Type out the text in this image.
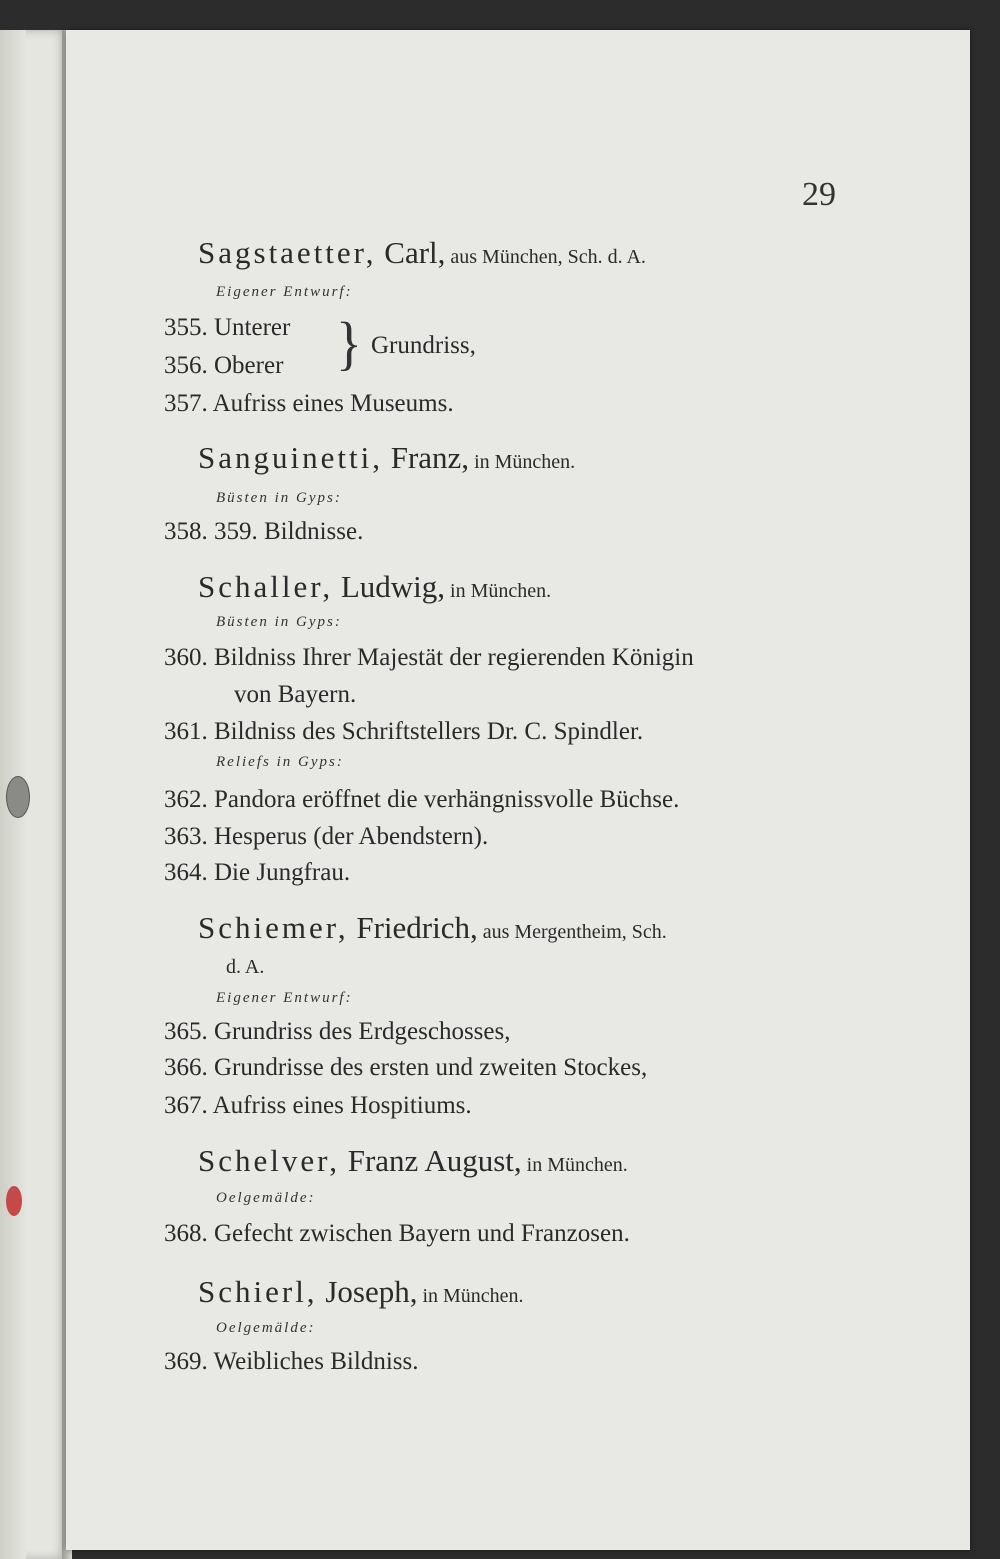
29
Sagstaetter, Carl, aus München, Sch. d. A.
Eigener Entwurf:
355. Unterer
356. Oberer } Grundriss,
357. Aufriss eines Museums.
Sanguinetti, Franz, in München.
Büsten in Gyps:
358. 359. Bildnisse.
Schaller, Ludwig, in München.
Büsten in Gyps:
360. Bildniss Ihrer Majestät der regierenden Königin
von Bayern.
361. Bildniss des Schriftstellers Dr. C. Spindler.
Reliefs in Gyps:
362. Pandora eröffnet die verhängnissvolle Büchse.
363. Hesperus (der Abendstern).
364. Die Jungfrau.
Schiemer, Friedrich, aus Mergentheim, Sch.
d. A.
Eigener Entwurf:
365. Grundriss des Erdgeschosses,
366. Grundrisse des ersten und zweiten Stockes,
367. Aufriss eines Hospitiums.
Schelver, Franz August, in München.
Oelgemälde:
368. Gefecht zwischen Bayern und Franzosen.
Schierl, Joseph, in München.
Oelgemälde:
369. Weibliches Bildniss.
